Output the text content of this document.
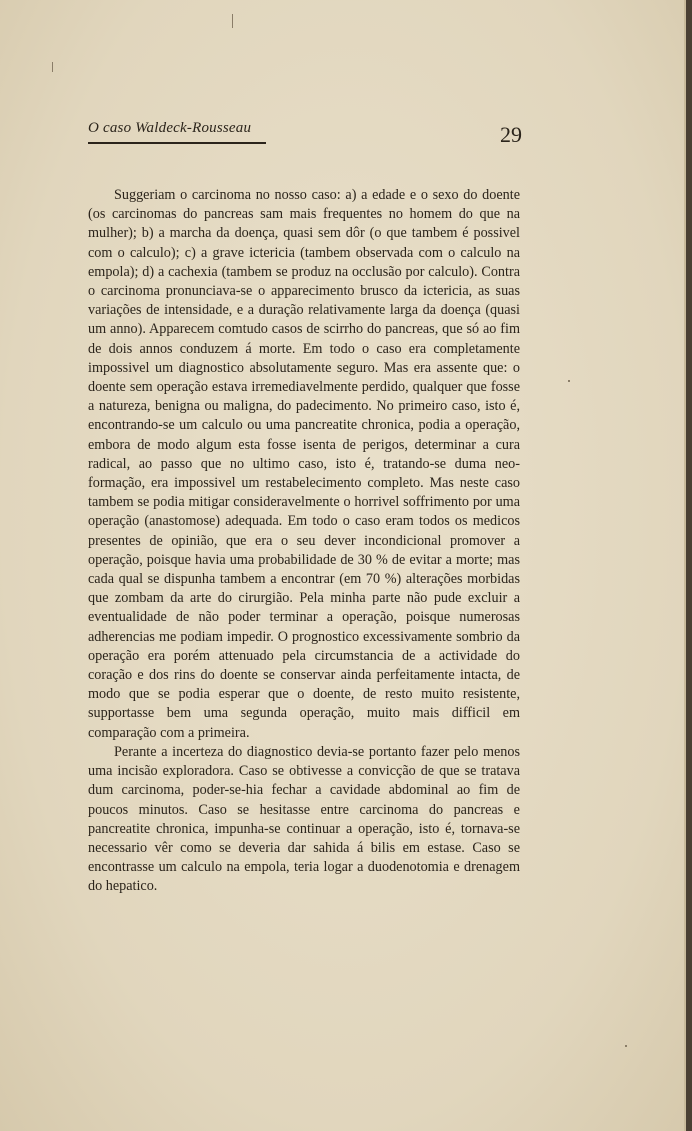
O caso Waldeck-Rousseau	29

Suggeriam o carcinoma no nosso caso: a) a edade e o sexo do doente (os carcinomas do pancreas sam mais frequentes no homem do que na mulher); b) a marcha da doença, quasi sem dôr (o que tambem é possivel com o calculo); c) a grave ictericia (tambem observada com o calculo na empola); d) a cachexia (tambem se produz na occlusão por calculo). Contra o carcinoma pronunciava-se o apparecimento brusco da ictericia, as suas variações de intensidade, e a duração relativamente larga da doença (quasi um anno). Apparecem comtudo casos de scirrho do pancreas, que só ao fim de dois annos conduzem á morte. Em todo o caso era completamente impossivel um diagnostico absolutamente seguro. Mas era assente que: o doente sem operação estava irremediavelmente perdido, qualquer que fosse a natureza, benigna ou maligna, do padecimento. No primeiro caso, isto é, encontrando-se um calculo ou uma pancreatite chronica, podia a operação, embora de modo algum esta fosse isenta de perigos, determinar a cura radical, ao passo que no ultimo caso, isto é, tratando-se duma neo-formação, era impossivel um restabelecimento completo. Mas neste caso tambem se podia mitigar consideravelmente o horrivel soffrimento por uma operação (anastomose) adequada. Em todo o caso eram todos os medicos presentes de opinião, que era o seu dever incondicional promover a operação, poisque havia uma probabilidade de 30 % de evitar a morte; mas cada qual se dispunha tambem a encontrar (em 70 %) alterações morbidas que zombam da arte do cirurgião. Pela minha parte não pude excluir a eventualidade de não poder terminar a operação, poisque numerosas adherencias me podiam impedir. O prognostico excessivamente sombrio da operação era porém attenuado pela circumstancia de a actividade do coração e dos rins do doente se conservar ainda perfeitamente intacta, de modo que se podia esperar que o doente, de resto muito resistente, supportasse bem uma segunda operação, muito mais difficil em comparação com a primeira.

Perante a incerteza do diagnostico devia-se portanto fazer pelo menos uma incisão exploradora. Caso se obtivesse a convicção de que se tratava dum carcinoma, poder-se-hia fechar a cavidade abdominal ao fim de poucos minutos. Caso se hesitasse entre carcinoma do pancreas e pancreatite chronica, impunha-se continuar a operação, isto é, tornava-se necessario vêr como se deveria dar sahida á bilis em estase. Caso se encontrasse um calculo na empola, teria logar a duodenotomia e drenagem do hepatico.
